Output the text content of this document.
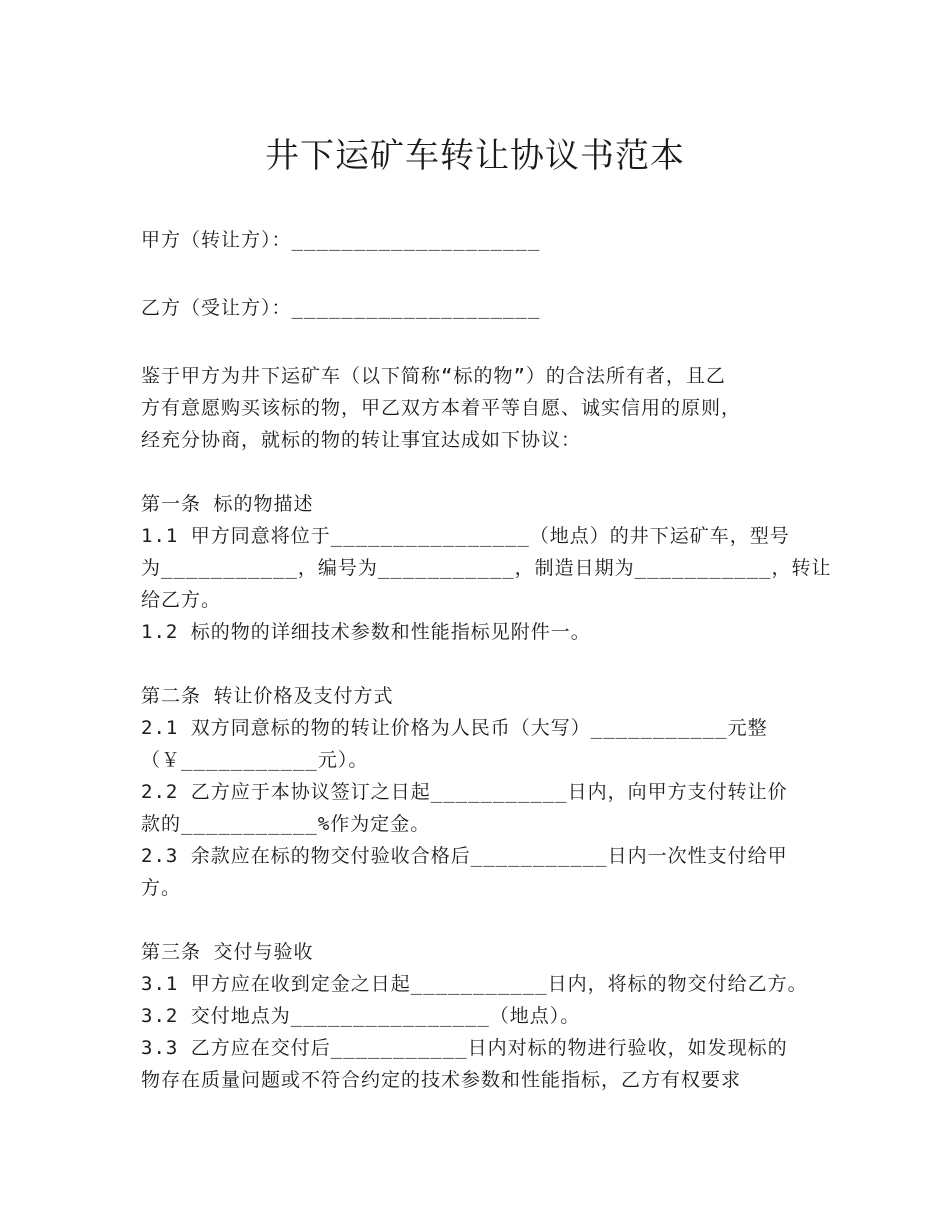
井下运矿车转让协议书范本

甲方（转让方）：____________________

乙方（受让方）：____________________

鉴于甲方为井下运矿车（以下简称“标的物”）的合法所有者，且乙

方有意愿购买该标的物，甲乙双方本着平等自愿、诚实信用的原则，

经充分协商，就标的物的转让事宜达成如下协议：

第一条 标的物描述

1.1 甲方同意将位于________________（地点）的井下运矿车，型号

为___________，编号为___________，制造日期为___________，转让

给乙方。

1.2 标的物的详细技术参数和性能指标见附件一。

第二条 转让价格及支付方式

2.1 双方同意标的物的转让价格为人民币（大写）___________元整

（￥___________元）。

2.2 乙方应于本协议签订之日起___________日内，向甲方支付转让价

款的___________%作为定金。

2.3 余款应在标的物交付验收合格后___________日内一次性支付给甲

方。

第三条 交付与验收

3.1 甲方应在收到定金之日起___________日内，将标的物交付给乙方。

3.2 交付地点为________________（地点）。

3.3 乙方应在交付后___________日内对标的物进行验收，如发现标的

物存在质量问题或不符合约定的技术参数和性能指标，乙方有权要求
